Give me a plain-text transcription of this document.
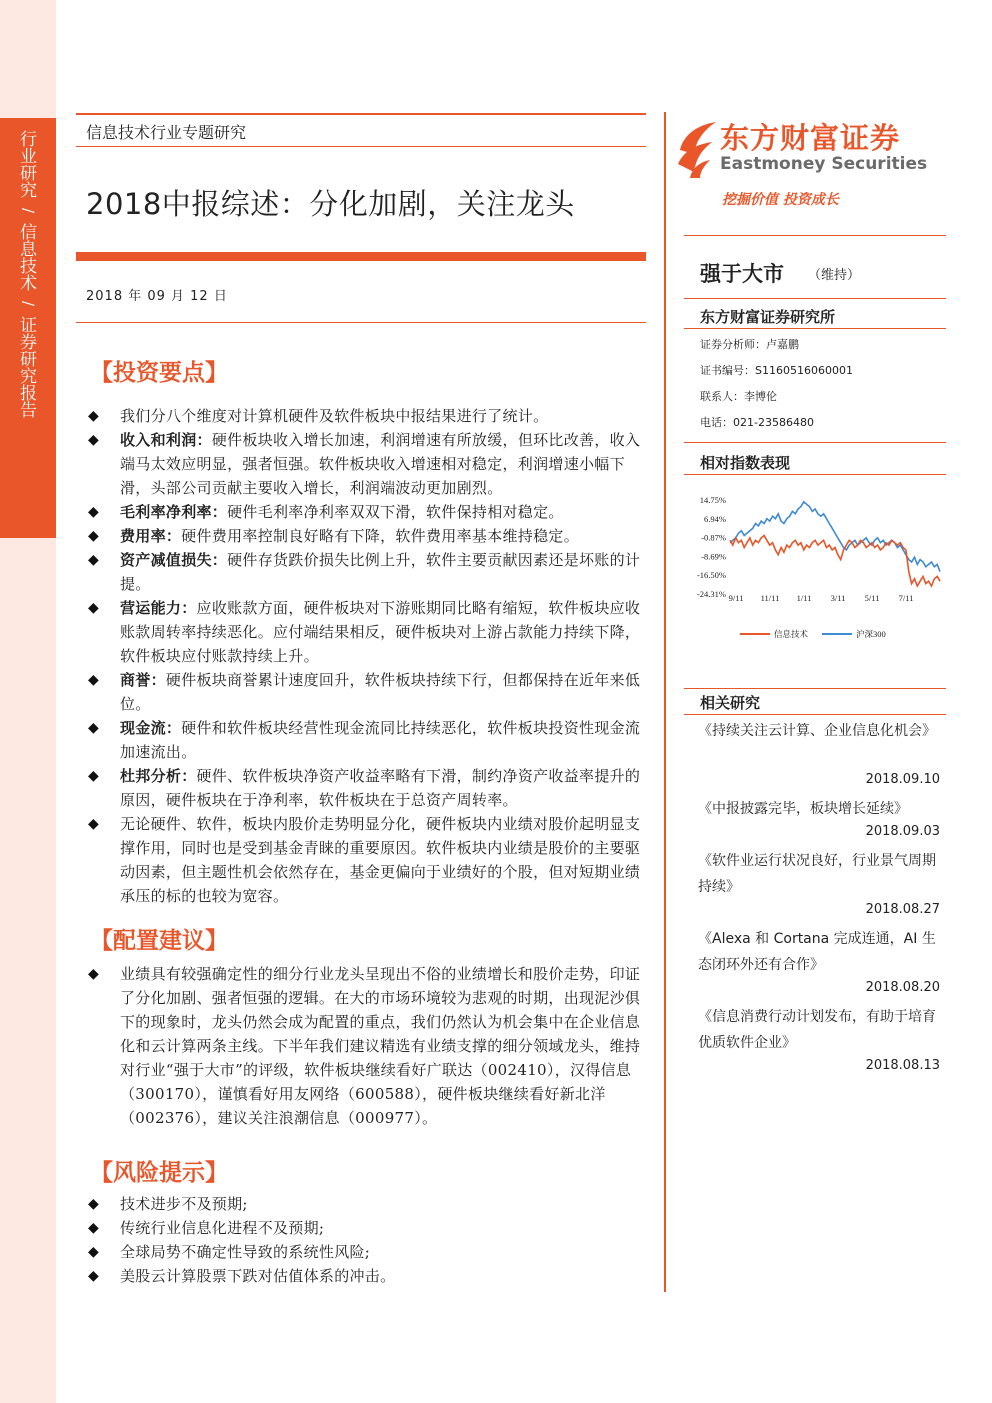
行业研究
/
信息技术
/
证券研究报告
信息技术行业专题研究
2018中报综述：分化加剧，关注龙头
2018 年 09 月 12 日
【投资要点】
◆ 我们分八个维度对计算机硬件及软件板块中报结果进行了统计。
◆ 收入和利润：硬件板块收入增长加速，利润增速有所放缓，但环比改善，收入端马太效应明显，强者恒强。软件板块收入增速相对稳定，利润增速小幅下滑，头部公司贡献主要收入增长，利润端波动更加剧烈。
◆ 毛利率净利率：硬件毛利率净利率双双下滑，软件保持相对稳定。
◆ 费用率：硬件费用率控制良好略有下降，软件费用率基本维持稳定。
◆ 资产减值损失：硬件存货跌价损失比例上升，软件主要贡献因素还是坏账的计提。
◆ 营运能力：应收账款方面，硬件板块对下游账期同比略有缩短，软件板块应收账款周转率持续恶化。应付端结果相反，硬件板块对上游占款能力持续下降，软件板块应付账款持续上升。
◆ 商誉：硬件板块商誉累计速度回升，软件板块持续下行，但都保持在近年来低位。
◆ 现金流：硬件和软件板块经营性现金流同比持续恶化，软件板块投资性现金流加速流出。
◆ 杜邦分析：硬件、软件板块净资产收益率略有下滑，制约净资产收益率提升的原因，硬件板块在于净利率，软件板块在于总资产周转率。
◆ 无论硬件、软件，板块内股价走势明显分化，硬件板块内业绩对股价起明显支撑作用，同时也是受到基金青睐的重要原因。软件板块内业绩是股价的主要驱动因素，但主题性机会依然存在，基金更偏向于业绩好的个股，但对短期业绩承压的标的也较为宽容。
【配置建议】
◆ 业绩具有较强确定性的细分行业龙头呈现出不俗的业绩增长和股价走势，印证了分化加剧、强者恒强的逻辑。在大的市场环境较为悲观的时期，出现泥沙俱下的现象时，龙头仍然会成为配置的重点，我们仍然认为机会集中在企业信息化和云计算两条主线。下半年我们建议精选有业绩支撑的细分领域龙头，维持对行业“强于大市”的评级，软件板块继续看好广联达（002410），汉得信息（300170），谨慎看好用友网络（600588），硬件板块继续看好新北洋（002376），建议关注浪潮信息（000977）。
【风险提示】
◆ 技术进步不及预期;
◆ 传统行业信息化进程不及预期;
◆ 全球局势不确定性导致的系统性风险;
◆ 美股云计算股票下跌对估值体系的冲击。
东方财富证券
Eastmoney Securities
挖掘价值 投资成长
强于大市 （维持）
东方财富证券研究所
证券分析师：卢嘉鹏
证书编号：S1160516060001
联系人：李博伦
电话：021-23586480
相对指数表现
14.75%
6.94%
-0.87%
-8.69%
-16.50%
-24.31% 9/11 11/11 1/11 3/11 5/11 7/11
信息技术	沪深300
相关研究
《持续关注云计算、企业信息化机会》
2018.09.10
《中报披露完毕，板块增长延续》
2018.09.03
《软件业运行状况良好，行业景气周期持续》
2018.08.27
《Alexa 和 Cortana 完成连通，AI 生态闭环外还有合作》
2018.08.20
《信息消费行动计划发布，有助于培育优质软件企业》
2018.08.13
